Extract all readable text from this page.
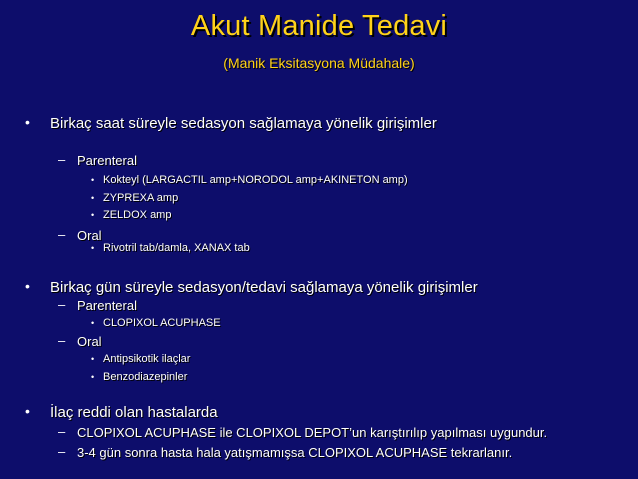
Akut Manide Tedavi
(Manik Eksitasyona Müdahale)
• Birkaç saat süreyle sedasyon sağlamaya yönelik girişimler
– Parenteral
• Kokteyl (LARGACTIL amp+NORODOL amp+AKINETON amp)
• ZYPREXA amp
• ZELDOX amp
– Oral
• Rivotril tab/damla, XANAX tab
• Birkaç gün süreyle sedasyon/tedavi sağlamaya yönelik girişimler
– Parenteral
• CLOPIXOL ACUPHASE
– Oral
• Antipsikotik ilaçlar
• Benzodiazepinler
• İlaç reddi olan hastalarda
– CLOPIXOL ACUPHASE ile CLOPIXOL DEPOT’un karıştırılıp yapılması uygundur.
– 3-4 gün sonra hasta hala yatışmamışsa CLOPIXOL ACUPHASE tekrarlanır.
